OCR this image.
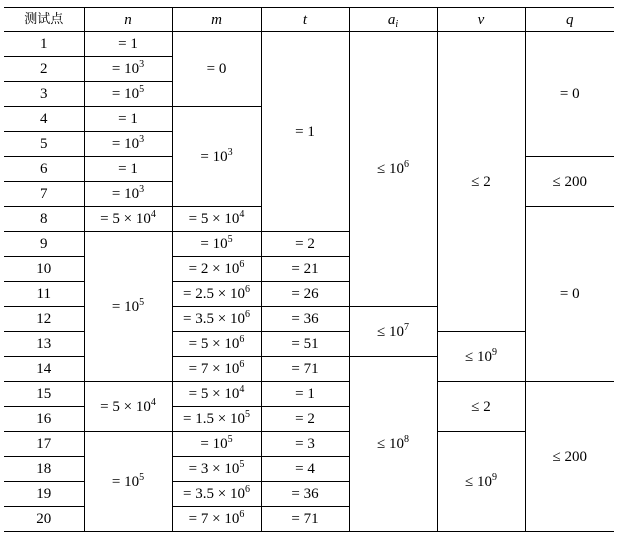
测试点	n	m	t	$a_i$	v	q
1	= 1	= 0	= 1	≤ $10^6$	≤ 2	= 0
2	= $10^3$
3	= $10^5$
4	= 1	= $10^3$
5	= $10^3$
6	= 1					≤ 200
7	= $10^3$
8	= $5 \times 10^4$	= $5 \times 10^4$				= 0
9	= $10^5$	= $10^5$	= 2			
10		= $2 \times 10^6$	= 21			
11		= $2.5 \times 10^6$	= 26			
12		= $3.5 \times 10^6$	= 36	≤ $10^7$
13		= $5 \times 10^6$	= 51		≤ $10^9$
14		= $7 \times 10^6$	= 71	≤ $10^8$
15	= $5 \times 10^4$	= $5 \times 10^4$	= 1		≤ 2	≤ 200
16		= $1.5 \times 10^5$	= 2			
17	= $10^5$	= $10^5$	= 3		≤ $10^9$
18		= $3 \times 10^5$	= 4			
19		= $3.5 \times 10^6$	= 36			
20		= $7 \times 10^6$	= 71			
